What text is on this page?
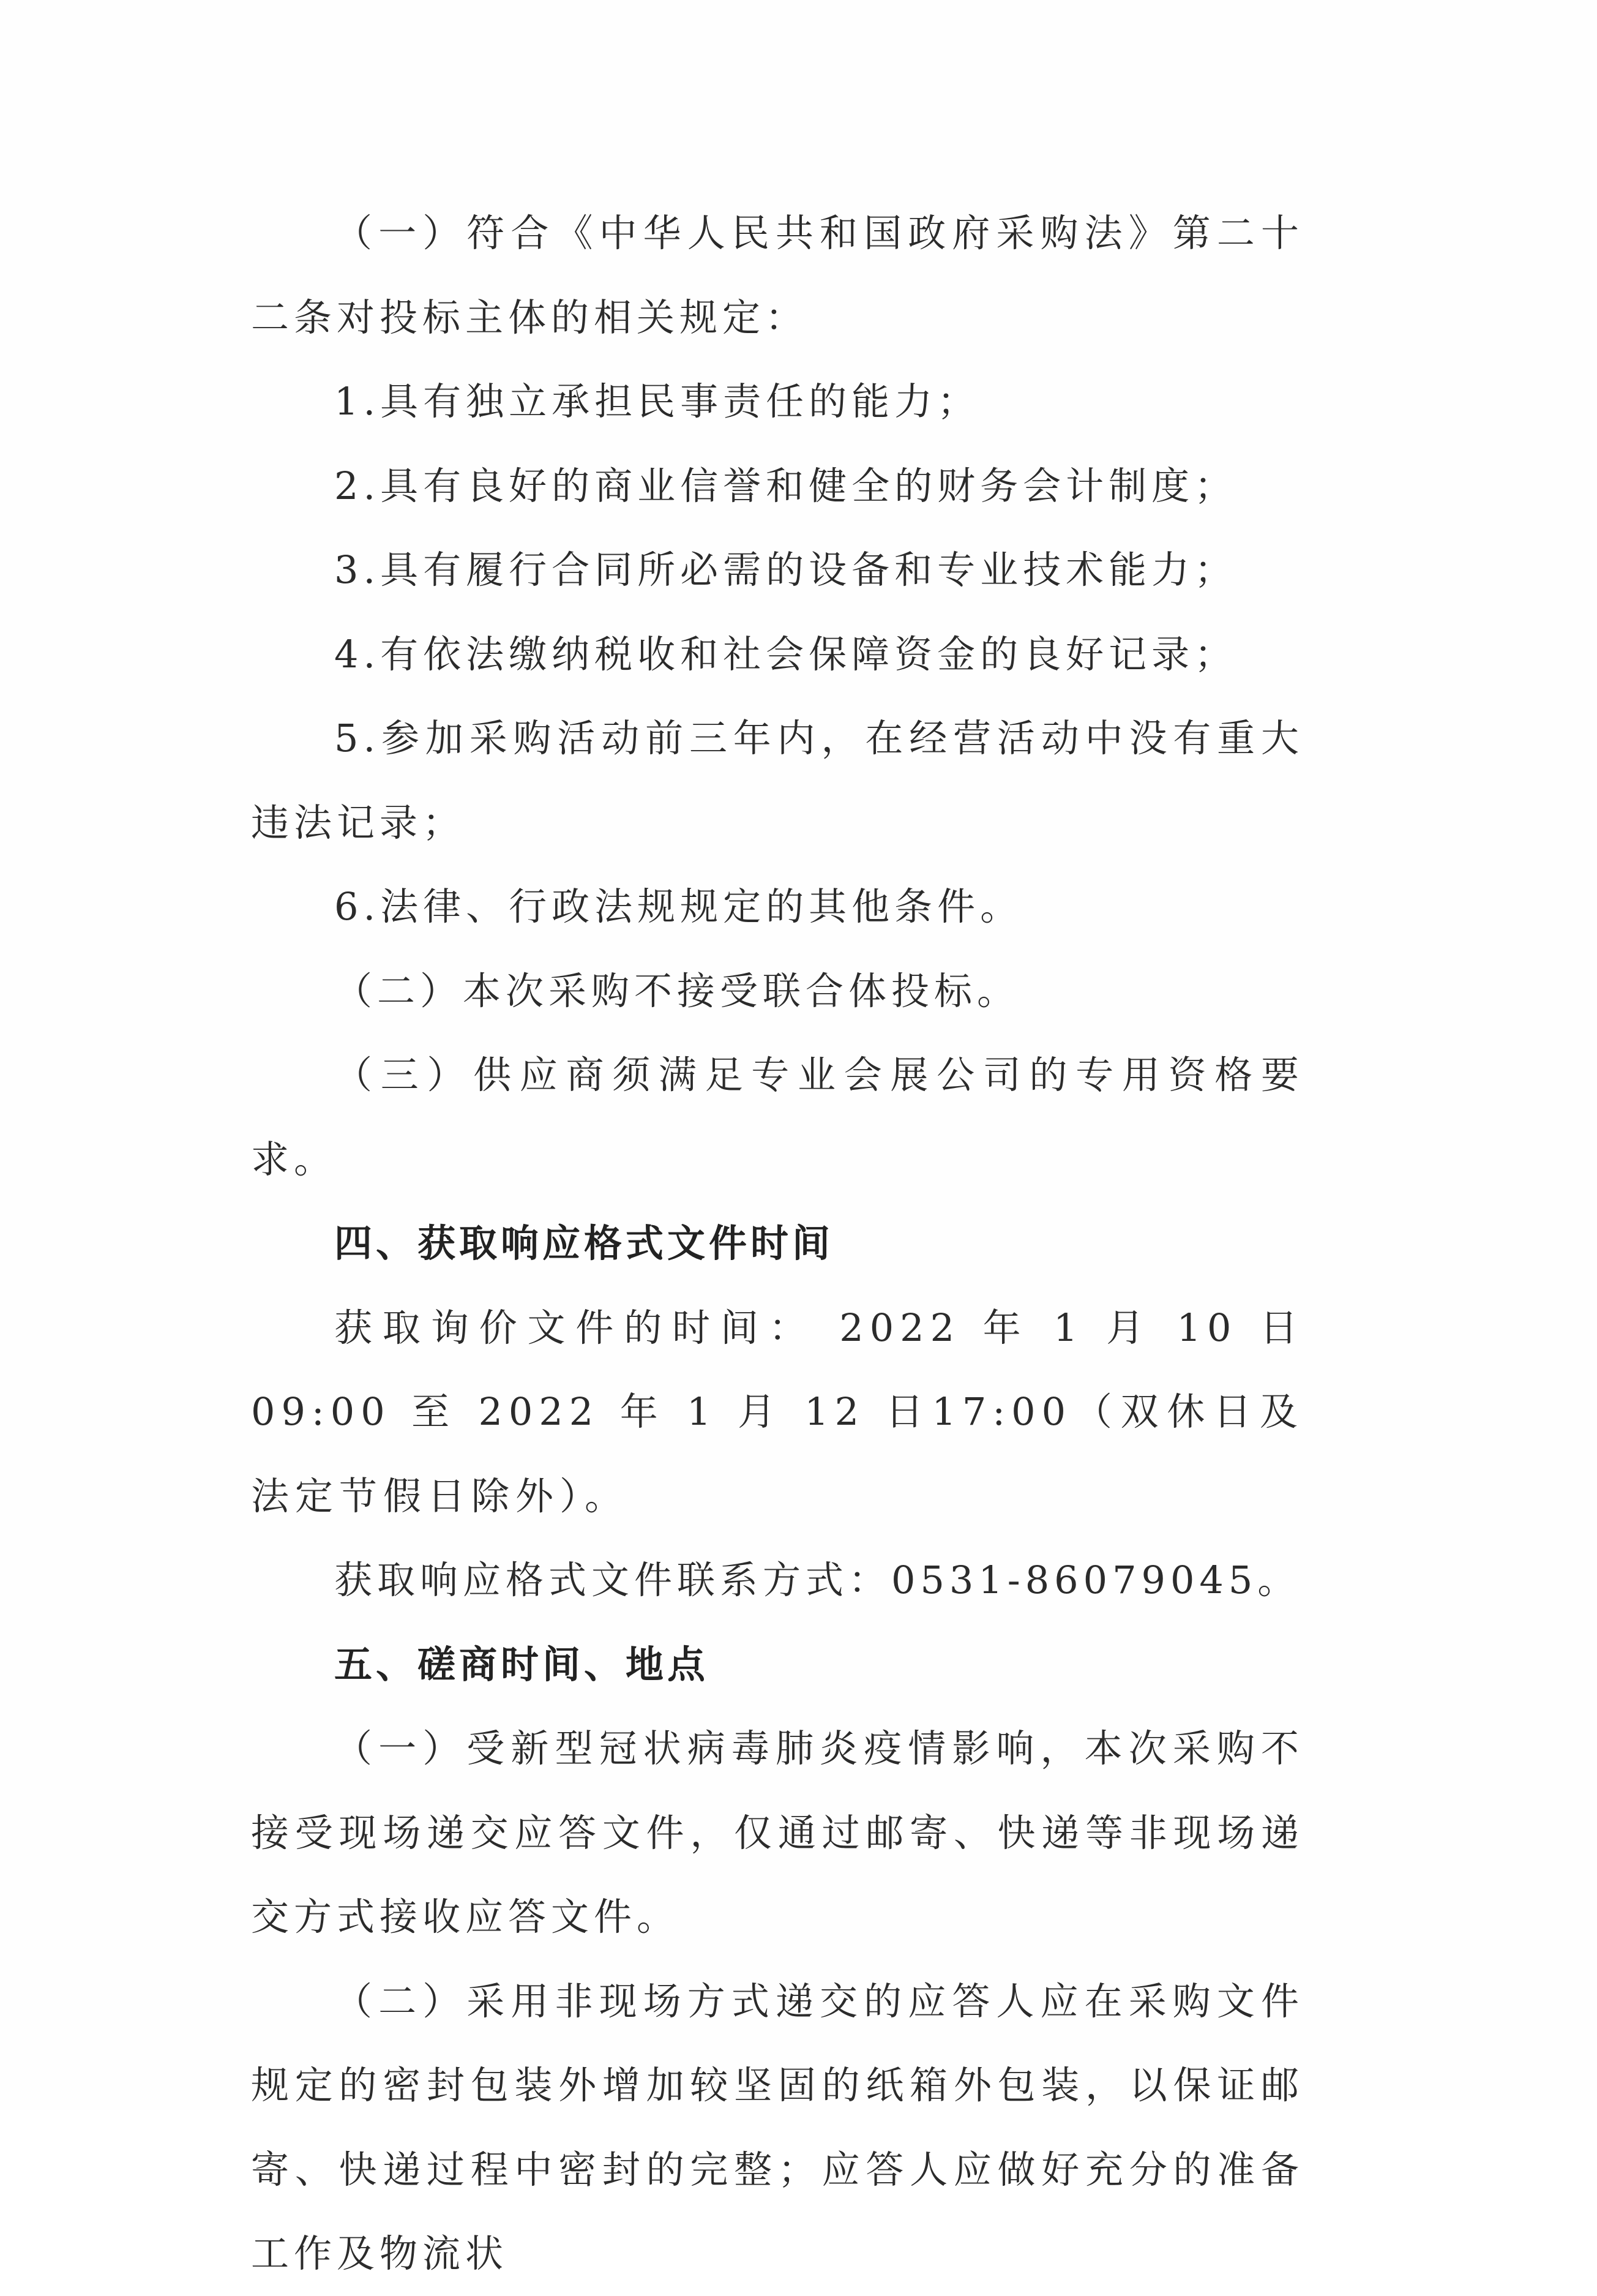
（一）符合《中华人民共和国政府采购法》第二十二条对投标主体的相关规定：

1.具有独立承担民事责任的能力；

2.具有良好的商业信誉和健全的财务会计制度；

3.具有履行合同所必需的设备和专业技术能力；

4.有依法缴纳税收和社会保障资金的良好记录；

5.参加采购活动前三年内，在经营活动中没有重大违法记录；

6.法律、行政法规规定的其他条件。

（二）本次采购不接受联合体投标。

（三）供应商须满足专业会展公司的专用资格要求。

四、获取响应格式文件时间

获取询价文件的时间： 2022 年 1 月 10 日09:00 至 2022 年 1 月 12 日17:00（双休日及法定节假日除外）。

获取响应格式文件联系方式：0531-86079045。

五、磋商时间、地点

（一）受新型冠状病毒肺炎疫情影响，本次采购不接受现场递交应答文件，仅通过邮寄、快递等非现场递交方式接收应答文件。

（二）采用非现场方式递交的应答人应在采购文件规定的密封包装外增加较坚固的纸箱外包装，以保证邮寄、快递过程中密封的完整；应答人应做好充分的准备工作及物流状
